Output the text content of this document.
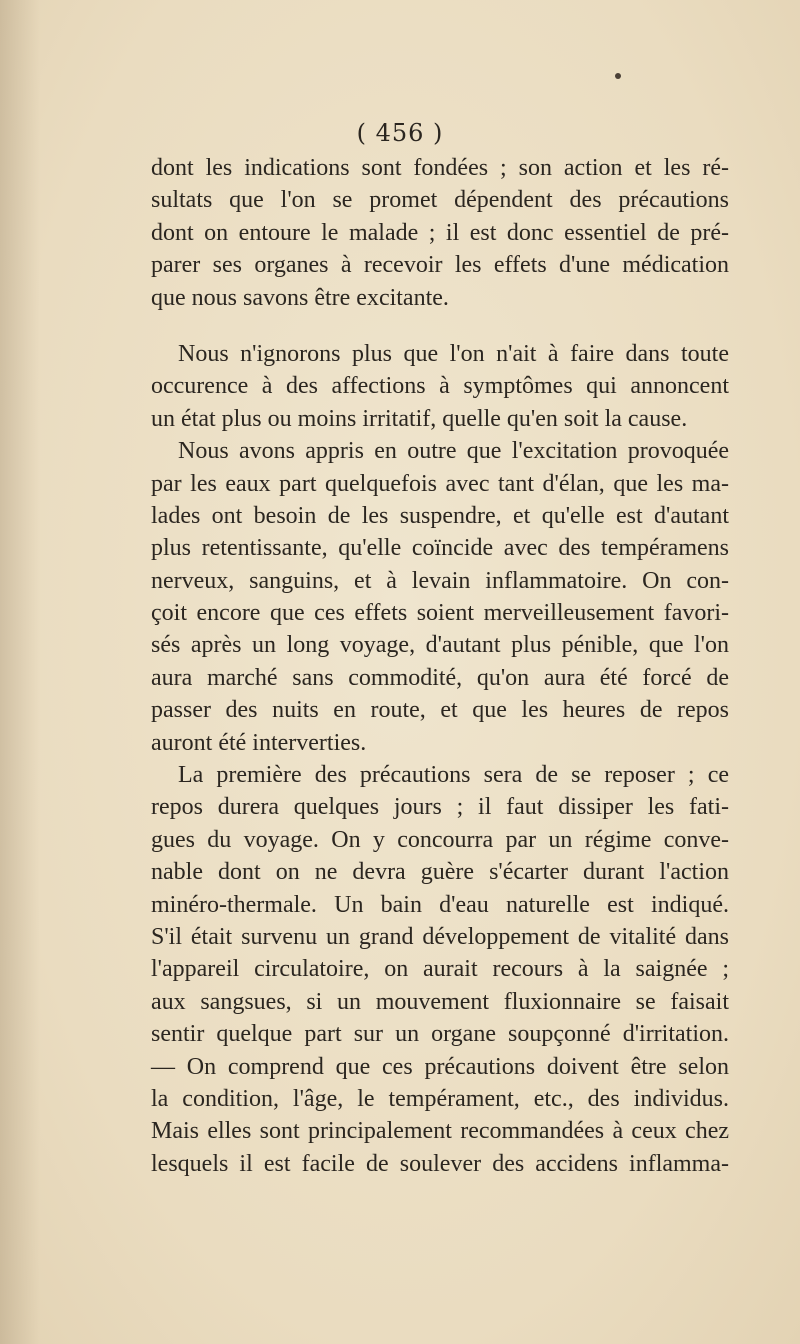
( 456 )
dont les indications sont fondées ; son action et les ré-
sultats que l'on se promet dépendent des précautions
dont on entoure le malade ; il est donc essentiel de pré-
parer ses organes à recevoir les effets d'une médication
que nous savons être excitante.
Nous n'ignorons plus que l'on n'ait à faire dans toute
occurence à des affections à symptômes qui annoncent
un état plus ou moins irritatif, quelle qu'en soit la cause.
Nous avons appris en outre que l'excitation provoquée
par les eaux part quelquefois avec tant d'élan, que les ma-
lades ont besoin de les suspendre, et qu'elle est d'autant
plus retentissante, qu'elle coïncide avec des tempéramens
nerveux, sanguins, et à levain inflammatoire. On con-
çoit encore que ces effets soient merveilleusement favori-
sés après un long voyage, d'autant plus pénible, que l'on
aura marché sans commodité, qu'on aura été forcé de
passer des nuits en route, et que les heures de repos
auront été interverties.
La première des précautions sera de se reposer ; ce
repos durera quelques jours ; il faut dissiper les fati-
gues du voyage. On y concourra par un régime conve-
nable dont on ne devra guère s'écarter durant l'action
minéro-thermale. Un bain d'eau naturelle est indiqué.
S'il était survenu un grand développement de vitalité dans
l'appareil circulatoire, on aurait recours à la saignée ;
aux sangsues, si un mouvement fluxionnaire se faisait
sentir quelque part sur un organe soupçonné d'irritation.
— On comprend que ces précautions doivent être selon
la condition, l'âge, le tempérament, etc., des individus.
Mais elles sont principalement recommandées à ceux chez
lesquels il est facile de soulever des accidens inflamma-
